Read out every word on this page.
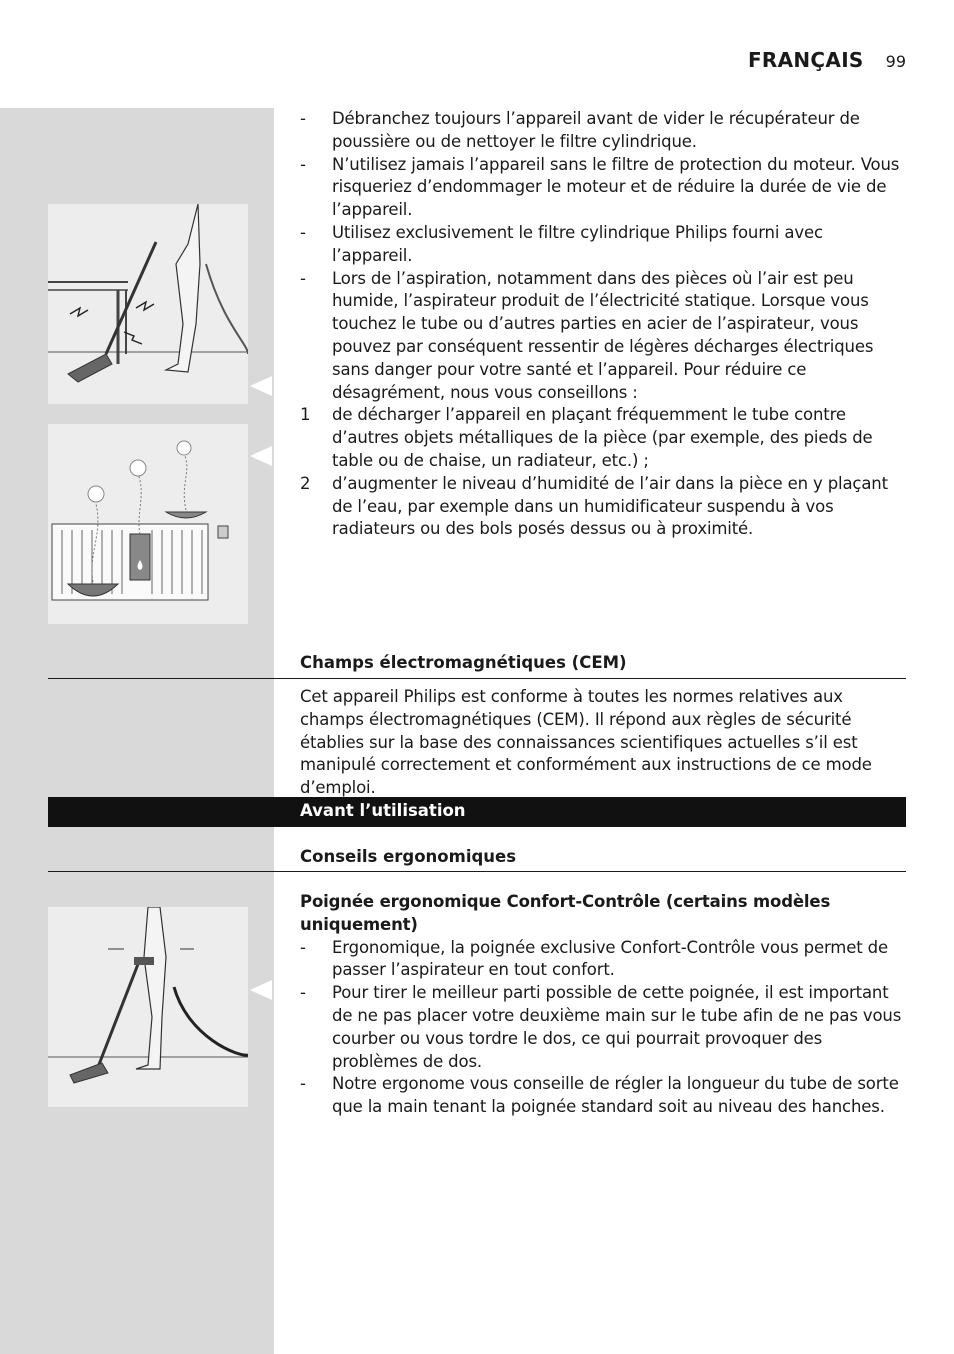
FRANÇAIS 99
- Débranchez toujours l’appareil avant de vider le récupérateur de poussière ou de nettoyer le filtre cylindrique.
- N’utilisez jamais l’appareil sans le filtre de protection du moteur. Vous risqueriez d’endommager le moteur et de réduire la durée de vie de l’appareil.
- Utilisez exclusivement le filtre cylindrique Philips fourni avec l’appareil.
- Lors de l’aspiration, notamment dans des pièces où l’air est peu humide, l’aspirateur produit de l’électricité statique. Lorsque vous touchez le tube ou d’autres parties en acier de l’aspirateur, vous pouvez par conséquent ressentir de légères décharges électriques sans danger pour votre santé et l’appareil. Pour réduire ce désagrément, nous vous conseillons :
1 de décharger l’appareil en plaçant fréquemment le tube contre d’autres objets métalliques de la pièce (par exemple, des pieds de table ou de chaise, un radiateur, etc.) ;
2 d’augmenter le niveau d’humidité de l’air dans la pièce en y plaçant de l’eau, par exemple dans un humidificateur suspendu à vos radiateurs ou des bols posés dessus ou à proximité.
Champs électromagnétiques (CEM)
Cet appareil Philips est conforme à toutes les normes relatives aux champs électromagnétiques (CEM). Il répond aux règles de sécurité établies sur la base des connaissances scientifiques actuelles s’il est manipulé correctement et conformément aux instructions de ce mode d’emploi.
Avant l’utilisation
Conseils ergonomiques
Poignée ergonomique Confort-Contrôle (certains modèles uniquement)
- Ergonomique, la poignée exclusive Confort-Contrôle vous permet de passer l’aspirateur en tout confort.
- Pour tirer le meilleur parti possible de cette poignée, il est important de ne pas placer votre deuxième main sur le tube afin de ne pas vous courber ou vous tordre le dos, ce qui pourrait provoquer des problèmes de dos.
- Notre ergonome vous conseille de régler la longueur du tube de sorte que la main tenant la poignée standard soit au niveau des hanches.
